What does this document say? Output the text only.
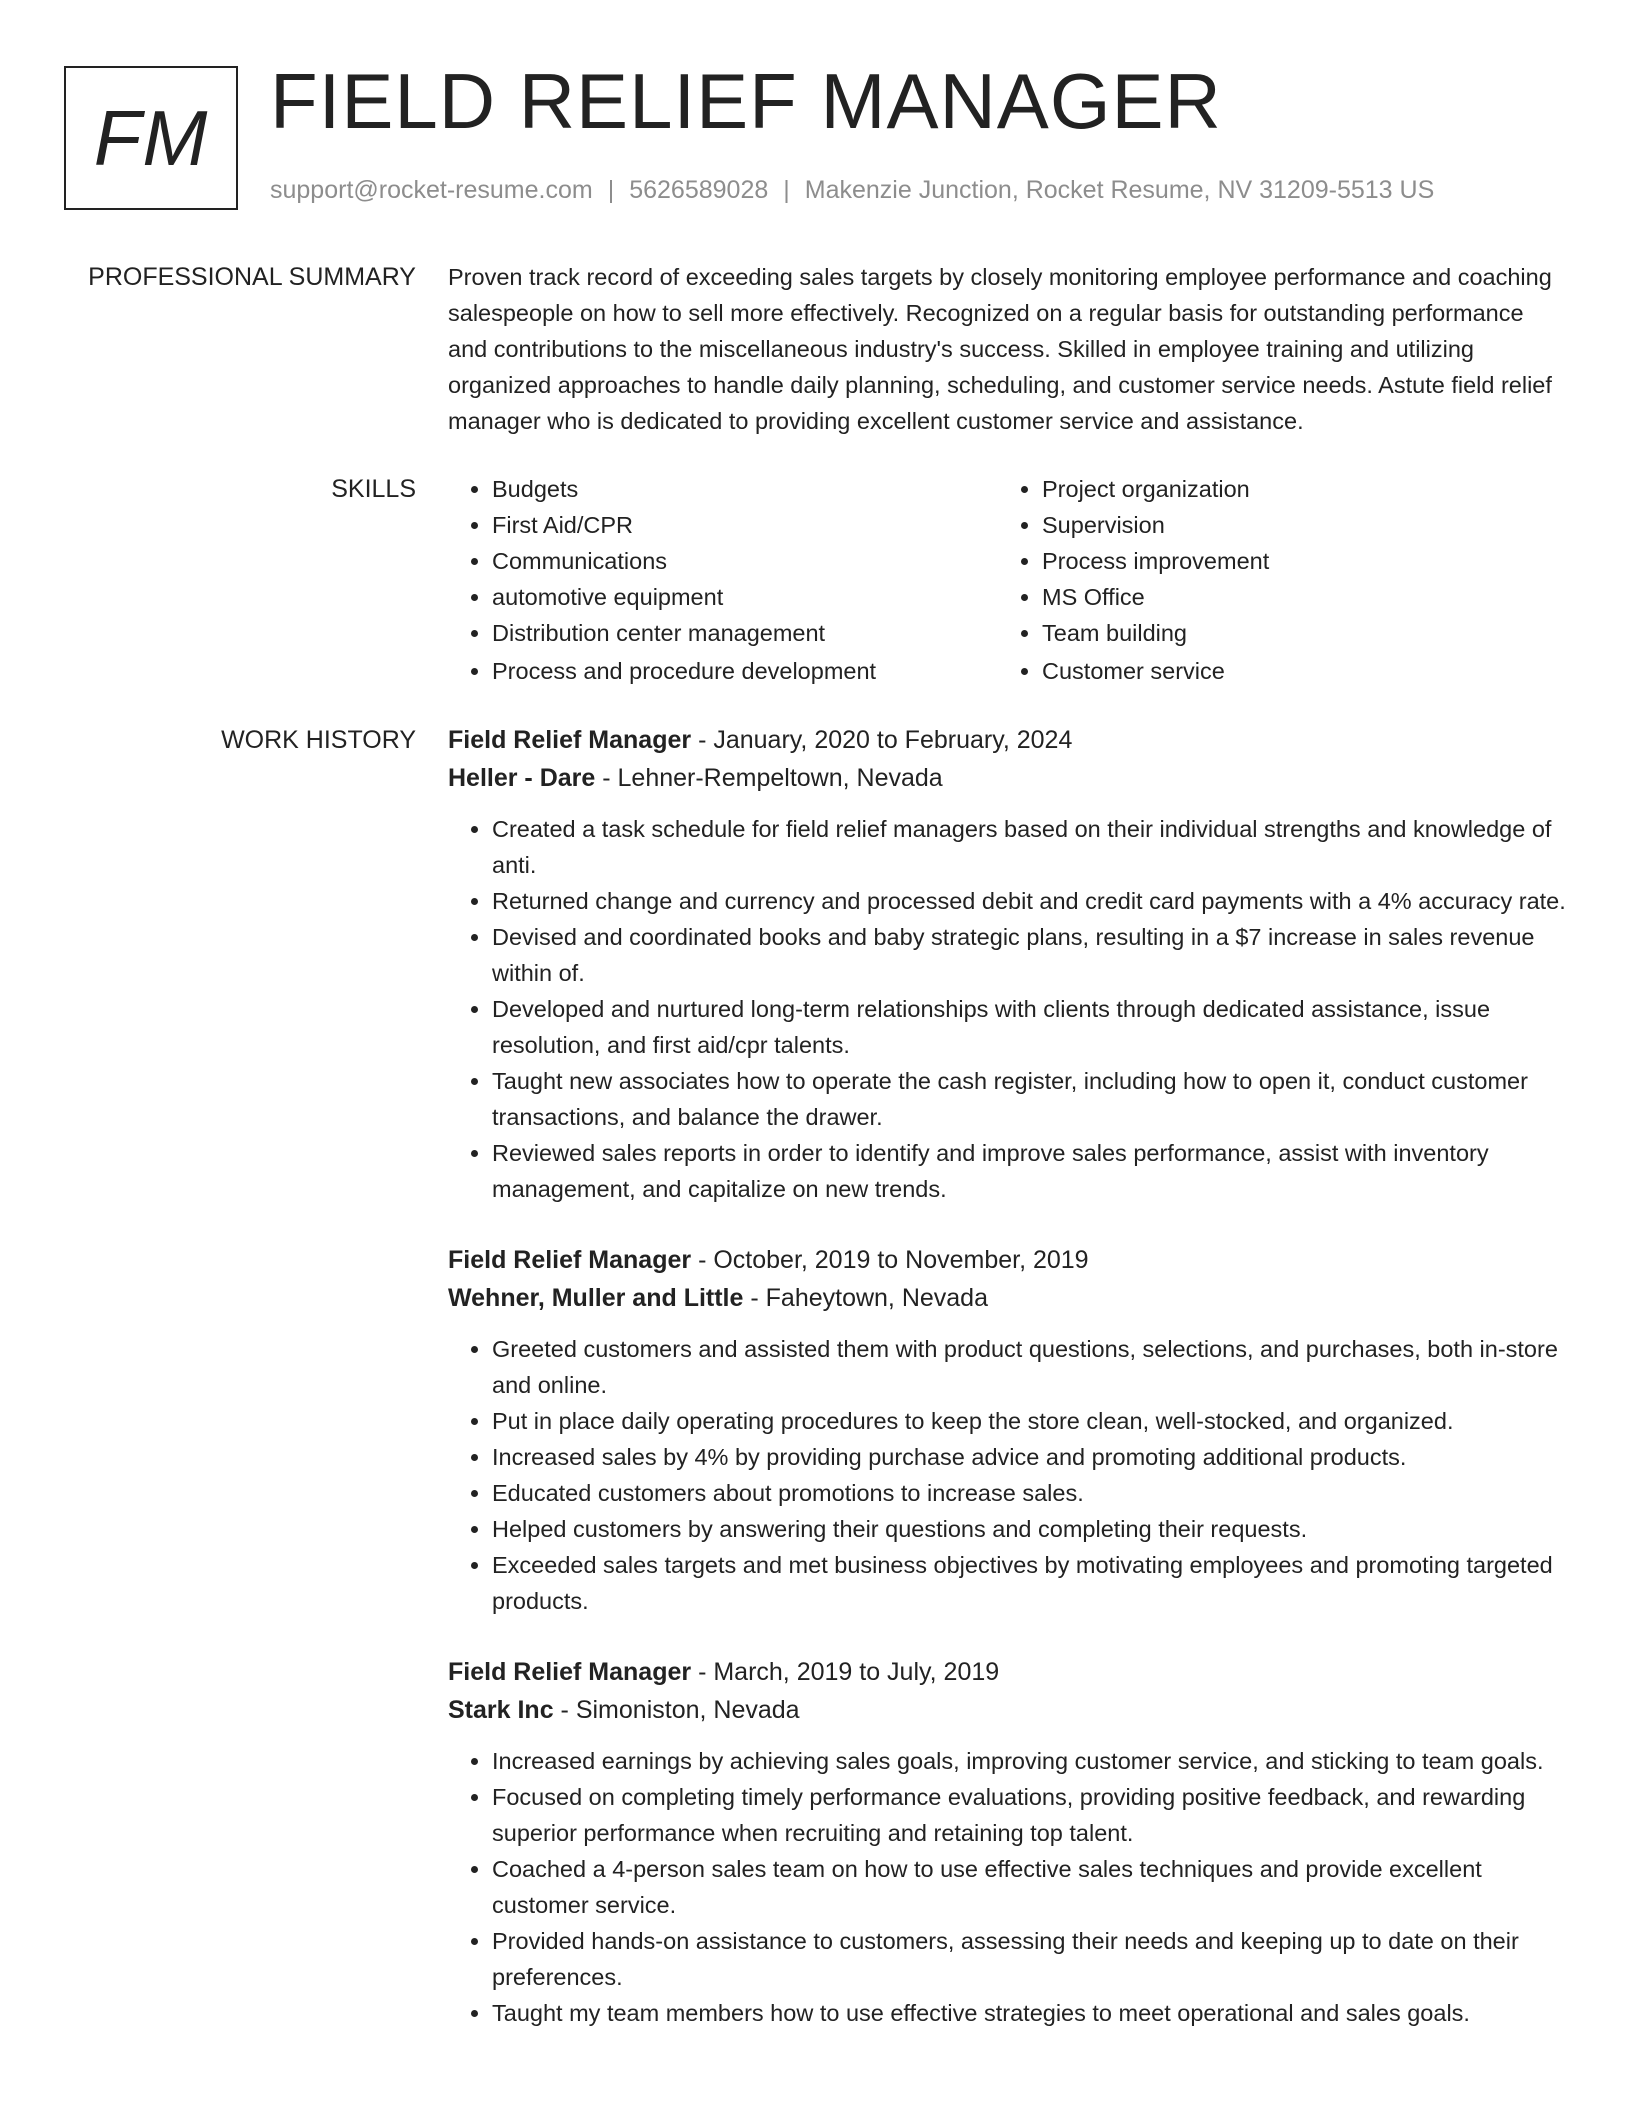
FM FIELD RELIEF MANAGER
support@rocket-resume.com | 5626589028 | Makenzie Junction, Rocket Resume, NV 31209-5513 US
PROFESSIONAL SUMMARY Proven track record of exceeding sales targets by closely monitoring employee performance and coaching salespeople on how to sell more effectively. Recognized on a regular basis for outstanding performance and contributions to the miscellaneous industry's success. Skilled in employee training and utilizing organized approaches to handle daily planning, scheduling, and customer service needs. Astute field relief manager who is dedicated to providing excellent customer service and assistance.
SKILLS
•	Budgets
• First Aid/CPR
• Communications
• automotive equipment
• Distribution center management
• Process and procedure development
• Project organization
• Supervision
• Process improvement
• MS Office
• Team building
• Customer service
WORK HISTORY Field Relief Manager - January, 2020 to February, 2024
Heller - Dare - Lehner-Rempeltown, Nevada
• Created a task schedule for field relief managers based on their individual strengths and knowledge of anti.
• Returned change and currency and processed debit and credit card payments with a 4% accuracy rate.
• Devised and coordinated books and baby strategic plans, resulting in a $7 increase in sales revenue within of.
• Developed and nurtured long-term relationships with clients through dedicated assistance, issue resolution, and first aid/cpr talents.
• Taught new associates how to operate the cash register, including how to open it, conduct customer transactions, and balance the drawer.
• Reviewed sales reports in order to identify and improve sales performance, assist with inventory management, and capitalize on new trends.
Field Relief Manager - October, 2019 to November, 2019
Wehner, Muller and Little - Faheytown, Nevada
• Greeted customers and assisted them with product questions, selections, and purchases, both in-store and online.
• Put in place daily operating procedures to keep the store clean, well-stocked, and organized.
• Increased sales by 4% by providing purchase advice and promoting additional products.
• Educated customers about promotions to increase sales.
• Helped customers by answering their questions and completing their requests.
• Exceeded sales targets and met business objectives by motivating employees and promoting targeted products.
Field Relief Manager - March, 2019 to July, 2019
Stark Inc - Simoniston, Nevada
• Increased earnings by achieving sales goals, improving customer service, and sticking to team goals.
• Focused on completing timely performance evaluations, providing positive feedback, and rewarding superior performance when recruiting and retaining top talent.
• Coached a 4-person sales team on how to use effective sales techniques and provide excellent customer service.
• Provided hands-on assistance to customers, assessing their needs and keeping up to date on their preferences.
• Taught my team members how to use effective strategies to meet operational and sales goals.
